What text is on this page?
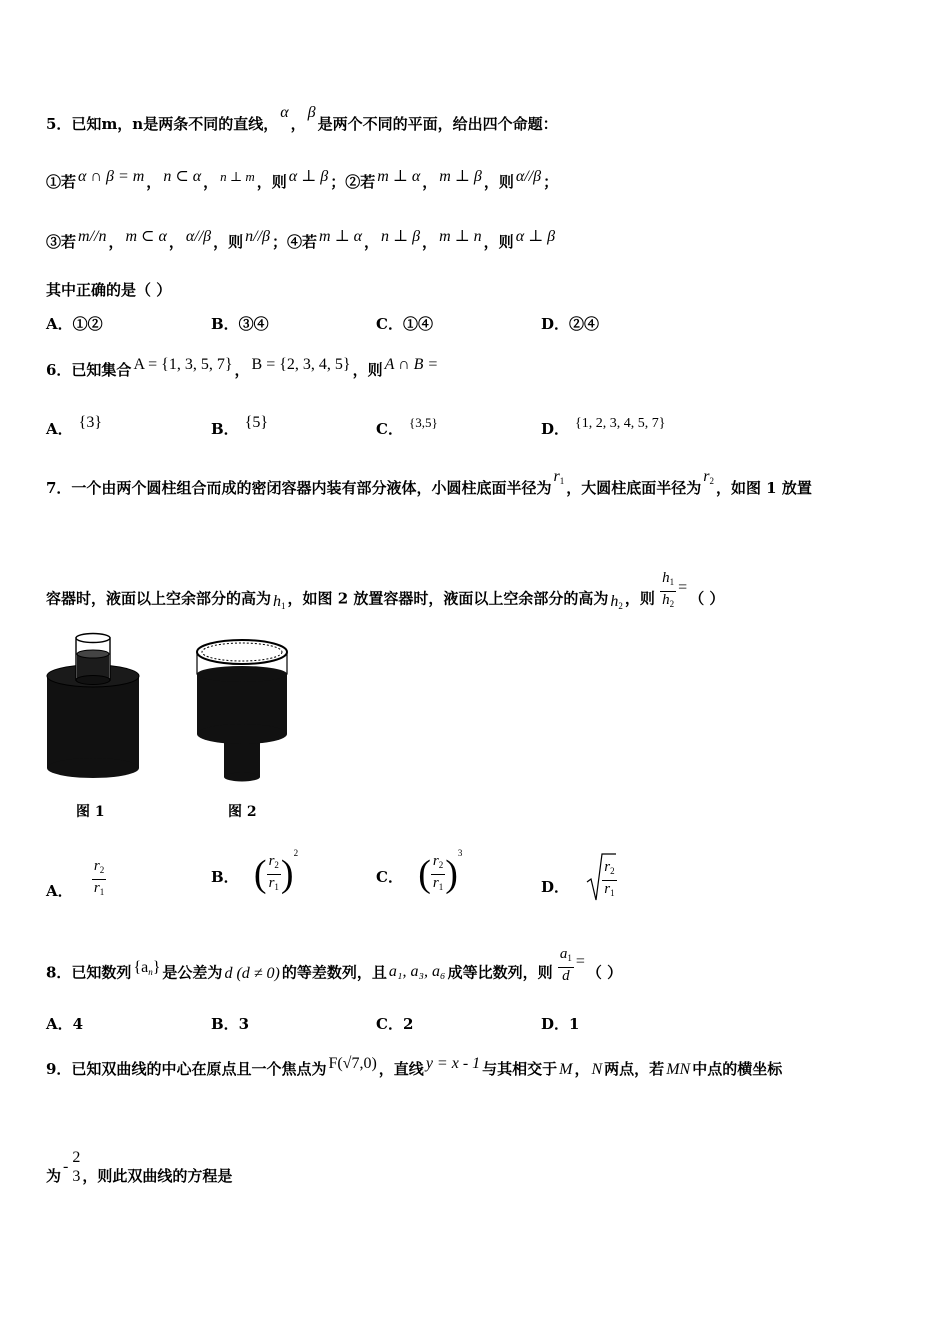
5．已知m，n是两条不同的直线，α，β是两个不同的平面，给出四个命题：
①若 α ∩ β = m ， n ⊂ α ， n ⊥ m ，则 α ⊥ β ；②若 m ⊥ α ， m ⊥ β ，则 α//β ；
③若 m//n ， m ⊂ α ， α//β ，则 n//β ；④若 m ⊥ α ， n ⊥ β ， m ⊥ n ，则 α ⊥ β
其中正确的是（ ）
A．①②	B．③④	C．①④	D．②④
6．已知集合 A = {1, 3, 5, 7} ， B = {2, 3, 4, 5} ，则 A ∩ B =
A． {3}	B． {5}	C． {3,5}	D． {1, 2, 3, 4, 5, 7}
7．一个由两个圆柱组合而成的密闭容器内装有部分液体，小圆柱底面半径为$r_1$ ，大圆柱底面半径为$r_2$ ，如图 1 放置
容器时，液面以上空余部分的高为 $h_1$ ，如图 2 放置容器时，液面以上空余部分的高为 $h_2$ ，则 $\frac{h_1}{h_2}$ =（ ）
图 1	图 2
A． $\frac{r_2}{r_1}$	B． ( $\frac{r_2}{r_1} )^2$
C． ( $\frac{r_2}{r_1} )^3$
D． $\frac{r_2}{r_1}$
8．已知数列 $\{a_n\}$ 是公差为 d (d ≠ 0) 的等差数列，且 a₁, a₃, a₆ 成等比数列，则 $\frac{a_1}{d}$ =（ ）
A．4	B．3	C．2	D．1
9．已知双曲线的中心在原点且一个焦点为 F(√7,0) ，直线 y = x - 1 与其相交于 M ， N 两点，若 MN 中点的横坐标
为-
2
3 ，则此双曲线的方程是
